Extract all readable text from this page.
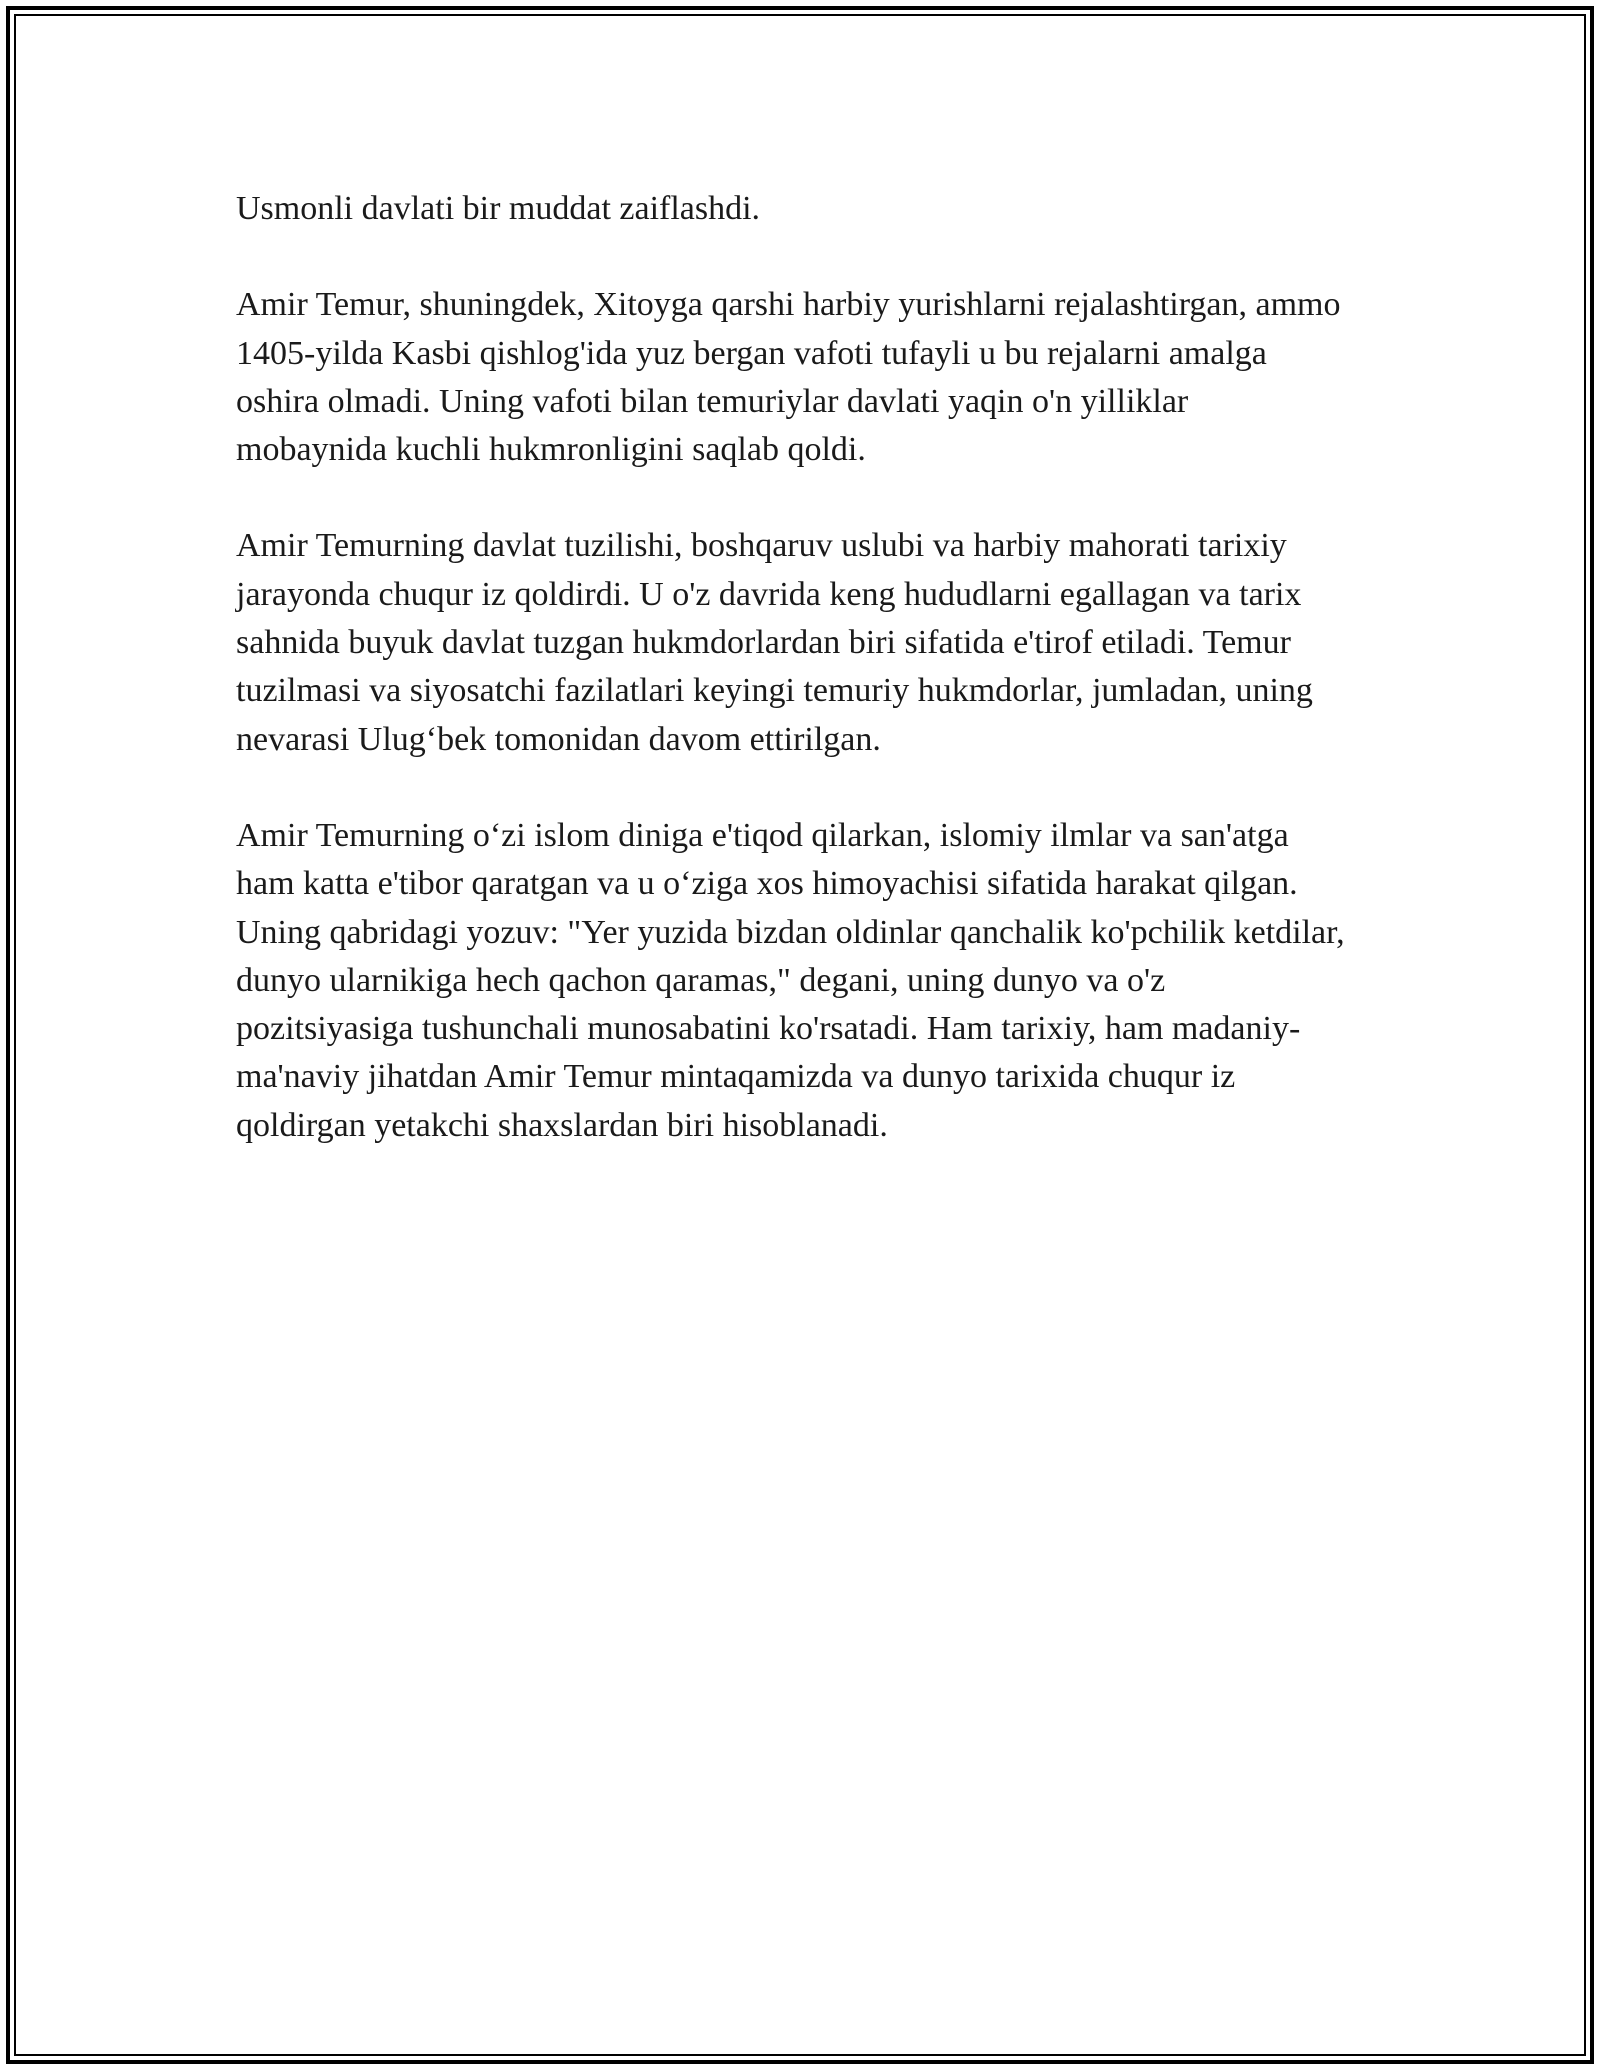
Usmonli davlati bir muddat zaiflashdi.

Amir Temur, shuningdek, Xitoyga qarshi harbiy yurishlarni rejalashtirgan, ammo 1405-yilda Kasbi qishlog'ida yuz bergan vafoti tufayli u bu rejalarni amalga oshira olmadi. Uning vafoti bilan temuriylar davlati yaqin o'n yilliklar mobaynida kuchli hukmronligini saqlab qoldi.

Amir Temurning davlat tuzilishi, boshqaruv uslubi va harbiy mahorati tarixiy jarayonda chuqur iz qoldirdi. U o'z davrida keng hududlarni egallagan va tarix sahnida buyuk davlat tuzgan hukmdorlardan biri sifatida e'tirof etiladi. Temur tuzilmasi va siyosatchi fazilatlari keyingi temuriy hukmdorlar, jumladan, uning nevarasi Ulug‘bek tomonidan davom ettirilgan.

Amir Temurning o‘zi islom diniga e'tiqod qilarkan, islomiy ilmlar va san'atga ham katta e'tibor qaratgan va u o‘ziga xos himoyachisi sifatida harakat qilgan. Uning qabridagi yozuv: "Yer yuzida bizdan oldinlar qanchalik ko'pchilik ketdilar, dunyo ularnikiga hech qachon qaramas," degani, uning dunyo va o'z pozitsiyasiga tushunchali munosabatini ko'rsatadi. Ham tarixiy, ham madaniy-ma'naviy jihatdan Amir Temur mintaqamizda va dunyo tarixida chuqur iz qoldirgan yetakchi shaxslardan biri hisoblanadi.
